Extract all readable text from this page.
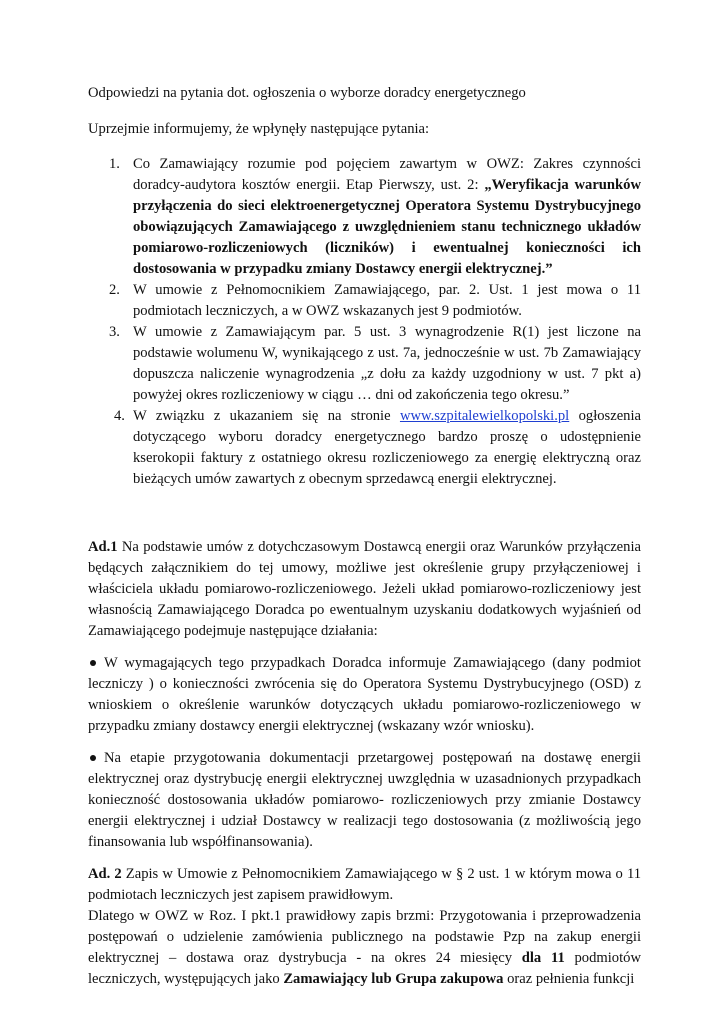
Odpowiedzi na pytania dot. ogłoszenia o wyborze doradcy energetycznego

Uprzejmie informujemy, że wpłynęły następujące pytania:

1. Co Zamawiający rozumie pod pojęciem zawartym w OWZ: Zakres czynności doradcy-audytora kosztów energii. Etap Pierwszy, ust. 2: „Weryfikacja warunków przyłączenia do sieci elektroenergetycznej Operatora Systemu Dystrybucyjnego obowiązujących Zamawiającego z uwzględnieniem stanu technicznego układów pomiarowo-rozliczeniowych (liczników) i ewentualnej konieczności ich dostosowania w przypadku zmiany Dostawcy energii elektrycznej.”
2. W umowie z Pełnomocnikiem Zamawiającego, par. 2. Ust. 1 jest mowa o 11 podmiotach leczniczych, a w OWZ wskazanych jest 9 podmiotów.
3. W umowie z Zamawiającym par. 5 ust. 3 wynagrodzenie R(1) jest liczone na podstawie wolumenu W, wynikającego z ust. 7a, jednocześnie w ust. 7b Zamawiający dopuszcza naliczenie wynagrodzenia „z dołu za każdy uzgodniony w ust. 7 pkt a) powyżej okres rozliczeniowy w ciągu … dni od zakończenia tego okresu.”
4. W związku z ukazaniem się na stronie www.szpitalewielkopolski.pl ogłoszenia dotyczącego wyboru doradcy energetycznego bardzo proszę o udostępnienie kserokopii faktury z ostatniego okresu rozliczeniowego za energię elektryczną oraz bieżących umów zawartych z obecnym sprzedawcą energii elektrycznej.

Ad.1 Na podstawie umów z dotychczasowym Dostawcą energii oraz Warunków przyłączenia będących załącznikiem do tej umowy, możliwe jest określenie grupy przyłączeniowej i właściciela układu pomiarowo-rozliczeniowego. Jeżeli układ pomiarowo-rozliczeniowy jest własnością Zamawiającego Doradca po ewentualnym uzyskaniu dodatkowych wyjaśnień od Zamawiającego podejmuje następujące działania:

W wymagających tego przypadkach Doradca informuje Zamawiającego (dany podmiot leczniczy ) o konieczności zwrócenia się do Operatora Systemu Dystrybucyjnego (OSD) z wnioskiem o określenie warunków dotyczących układu pomiarowo-rozliczeniowego w przypadku zmiany dostawcy energii elektrycznej (wskazany wzór wniosku).

Na etapie przygotowania dokumentacji przetargowej postępowań na dostawę energii elektrycznej oraz dystrybucję energii elektrycznej uwzględnia w uzasadnionych przypadkach konieczność dostosowania układów pomiarowo- rozliczeniowych przy zmianie Dostawcy energii elektrycznej i udział Dostawcy w realizacji tego dostosowania (z możliwością jego finansowania lub współfinansowania).

Ad. 2 Zapis w Umowie z Pełnomocnikiem Zamawiającego w § 2 ust. 1 w którym mowa o 11 podmiotach leczniczych jest zapisem prawidłowym.

Dlatego w OWZ w Roz. I pkt.1 prawidłowy zapis brzmi: Przygotowania i przeprowadzenia postępowań o udzielenie zamówienia publicznego na podstawie Pzp na zakup energii elektrycznej – dostawa oraz dystrybucja - na okres 24 miesięcy dla 11 podmiotów leczniczych, występujących jako Zamawiający lub Grupa zakupowa oraz pełnienia funkcji
